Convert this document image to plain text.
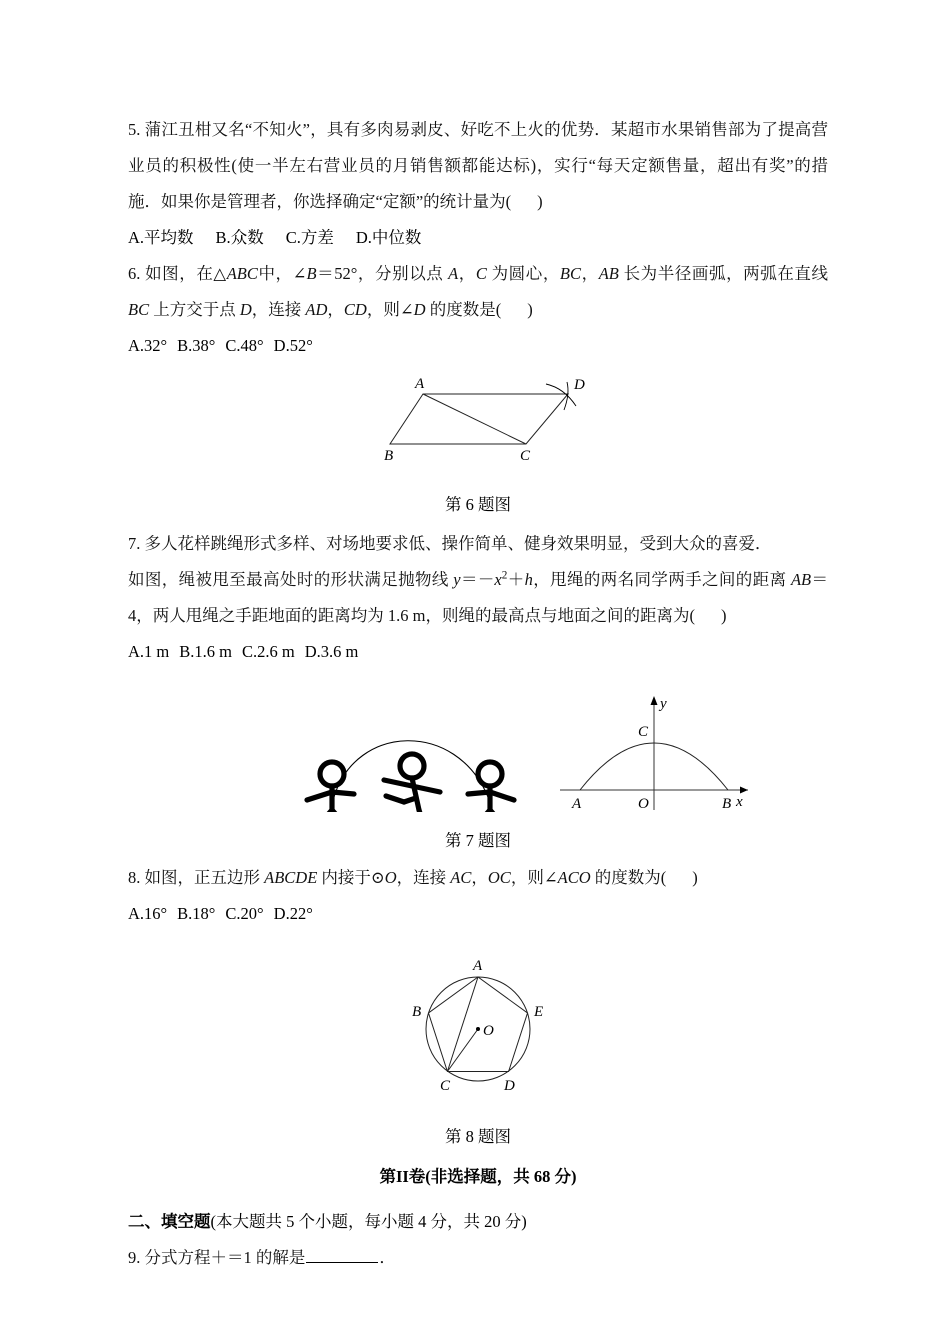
5. 蒲江丑柑又名“不知火”，具有多肉易剥皮、好吃不上火的优势．某超市水果销售部为了提高营业员的积极性(使一半左右营业员的月销售额都能达标)，实行“每天定额售量，超出有奖”的措施．如果你是管理者，你选择确定“定额”的统计量为( )
A.平均数 B.众数 C.方差 D.中位数
6. 如图，在△ABC中，∠B＝52°，分别以点 A，C 为圆心，BC，AB 长为半径画弧，两弧在直线 BC 上方交于点 D，连接 AD，CD，则∠D 的度数是( )
A.32° B.38° C.48° D.52°
A
B	C
D
第 6 题图
7. 多人花样跳绳形式多样、对场地要求低、操作简单、健身效果明显，受到大众的喜爱．
如图，绳被甩至最高处时的形状满足抛物线 $y=-x^2+h$，甩绳的两名同学两手之间的距离 AB＝4，两人甩绳之手距地面的距离均为 1.6 m，则绳的最高点与地面之间的距离为( )
A.1 m B.1.6 m C.2.6 m D.3.6 m
A	B
C
O
y
x
第 7 题图
8. 如图，正五边形 ABCDE 内接于⊙O，连接 AC，OC，则∠ACO 的度数为( )
A.16° B.18° C.20° D.22°
A
B
C	D
E
O
第 8 题图
第II卷(非选择题，共 68 分)
二、填空题(本大题共 5 个小题，每小题 4 分，共 20 分)
9. 分式方程＋＝1 的解是	．
